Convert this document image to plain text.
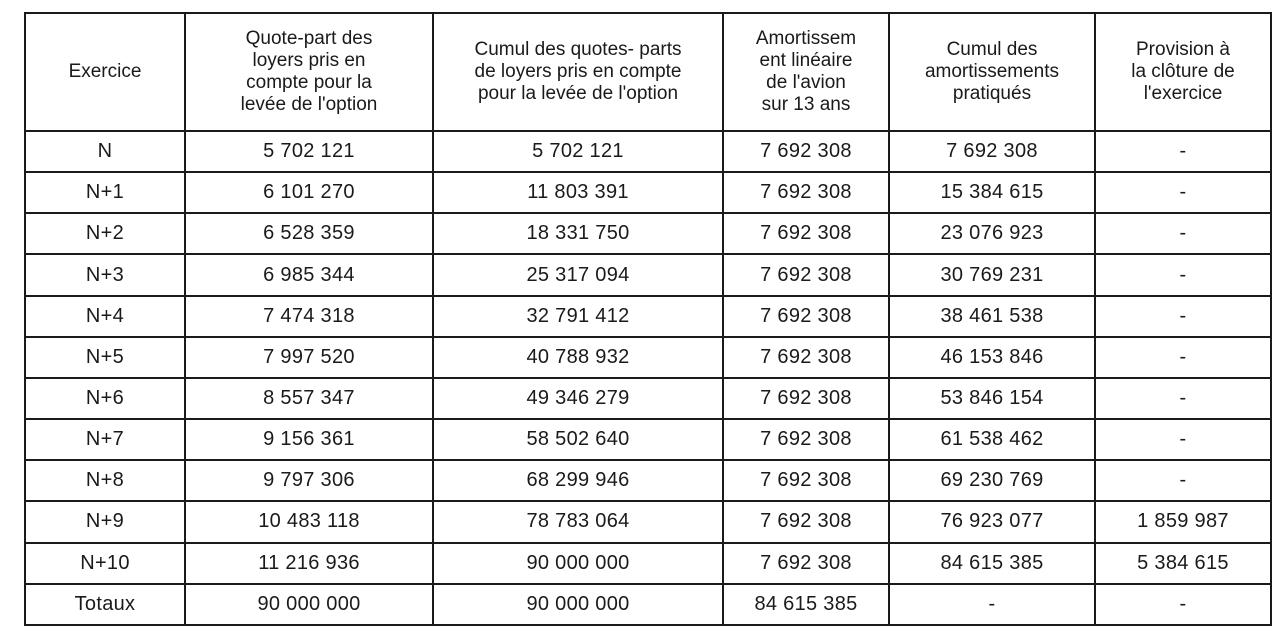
Exercice	Quote-part des
loyers pris en
compte pour la
levée de l'option	Cumul des quotes- parts
de loyers pris en compte
pour la levée de l'option	Amortissem
ent linéaire
de l'avion
sur 13 ans	Cumul des
amortissements
pratiqués	Provision à
la clôture de
l'exercice
N	5 702 121	5 702 121	7 692 308	7 692 308	-
N+1	6 101 270	11 803 391	7 692 308	15 384 615	-
N+2	6 528 359	18 331 750	7 692 308	23 076 923	-
N+3	6 985 344	25 317 094	7 692 308	30 769 231	-
N+4	7 474 318	32 791 412	7 692 308	38 461 538	-
N+5	7 997 520	40 788 932	7 692 308	46 153 846	-
N+6	8 557 347	49 346 279	7 692 308	53 846 154	-
N+7	9 156 361	58 502 640	7 692 308	61 538 462	-
N+8	9 797 306	68 299 946	7 692 308	69 230 769	-
N+9	10 483 118	78 783 064	7 692 308	76 923 077	1 859 987
N+10	11 216 936	90 000 000	7 692 308	84 615 385	5 384 615
Totaux	90 000 000	90 000 000	84 615 385	-	-
